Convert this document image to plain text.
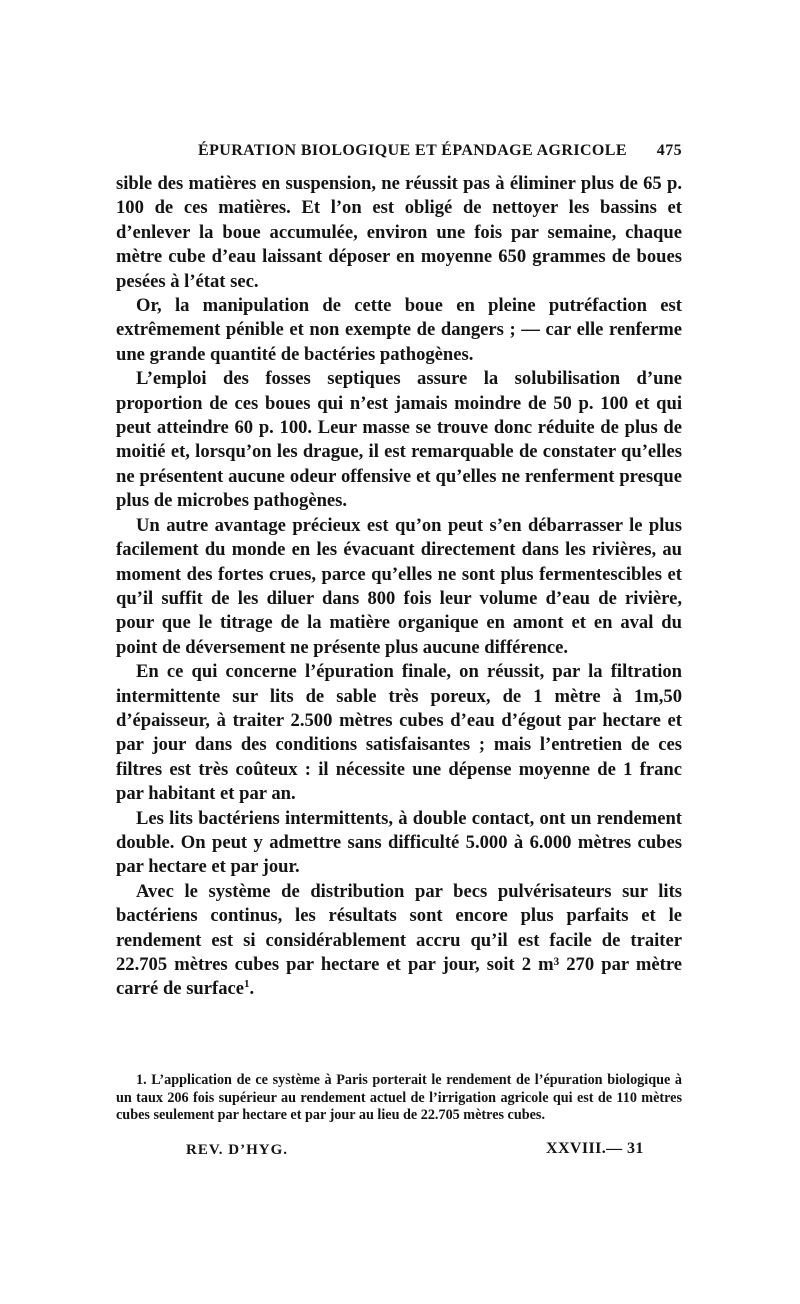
ÉPURATION BIOLOGIQUE ET ÉPANDAGE AGRICOLE 475

sible des matières en suspension, ne réussit pas à éliminer plus de 65 p. 100 de ces matières. Et l’on est obligé de nettoyer les bassins et d’enlever la boue accumulée, environ une fois par semaine, chaque mètre cube d’eau laissant déposer en moyenne 650 grammes de boues pesées à l’état sec.

Or, la manipulation de cette boue en pleine putréfaction est extrêmement pénible et non exempte de dangers ; — car elle renferme une grande quantité de bactéries pathogènes.

L’emploi des fosses septiques assure la solubilisation d’une proportion de ces boues qui n’est jamais moindre de 50 p. 100 et qui peut atteindre 60 p. 100. Leur masse se trouve donc réduite de plus de moitié et, lorsqu’on les drague, il est remarquable de constater qu’elles ne présentent aucune odeur offensive et qu’elles ne renferment presque plus de microbes pathogènes.

Un autre avantage précieux est qu’on peut s’en débarrasser le plus facilement du monde en les évacuant directement dans les rivières, au moment des fortes crues, parce qu’elles ne sont plus fermentescibles et qu’il suffit de les diluer dans 800 fois leur volume d’eau de rivière, pour que le titrage de la matière organique en amont et en aval du point de déversement ne présente plus aucune différence.

En ce qui concerne l’épuration finale, on réussit, par la filtration intermittente sur lits de sable très poreux, de 1 mètre à 1m,50 d’épaisseur, à traiter 2.500 mètres cubes d’eau d’égout par hectare et par jour dans des conditions satisfaisantes ; mais l’entretien de ces filtres est très coûteux : il nécessite une dépense moyenne de 1 franc par habitant et par an.

Les lits bactériens intermittents, à double contact, ont un rendement double. On peut y admettre sans difficulté 5.000 à 6.000 mètres cubes par hectare et par jour.

Avec le système de distribution par becs pulvérisateurs sur lits bactériens continus, les résultats sont encore plus parfaits et le rendement est si considérablement accru qu’il est facile de traiter 22.705 mètres cubes par hectare et par jour, soit 2 m³ 270 par mètre carré de surface$^1$.

1. L’application de ce système à Paris porterait le rendement de l’épuration biologique à un taux 206 fois supérieur au rendement actuel de l’irrigation agricole qui est de 110 mètres cubes seulement par hectare et par jour au lieu de 22.705 mètres cubes.

REV. D’HYG.	XXVIII.— 31
